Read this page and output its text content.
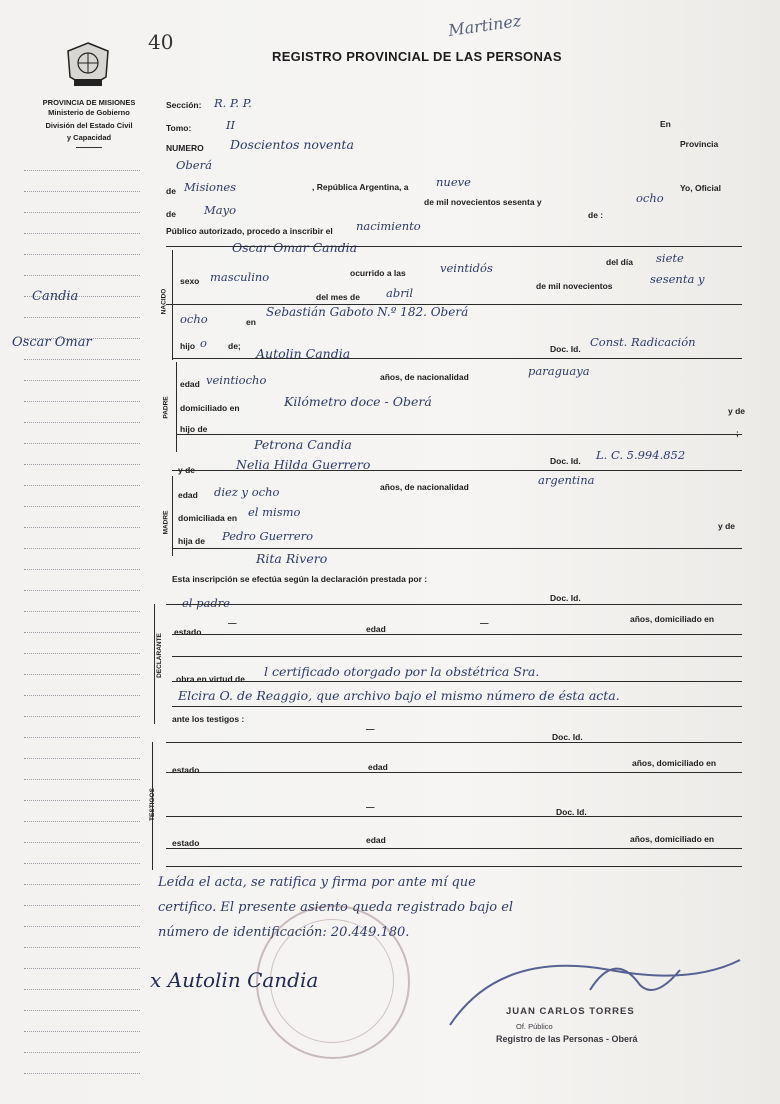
40
Martinez
REGISTRO PROVINCIAL DE LAS PERSONAS
PROVINCIA DE MISIONES
Ministerio de Gobierno
División del Estado Civil
y Capacidad
Candia
Oscar Omar
Sección: R. P. P.
Tomo:	II	En
NUMERO Doscientos noventa	Provincia
Oberá
de Misiones	, República Argentina, a nueve
de mil novecientos sesenta y	ocho
Yo, Oficial
de Mayo
Público autorizado, procedo a inscribir el nacimiento
de :
NACIDO
Oscar Omar Candia
sexo masculino	ocurrido a las	veintidós	del día siete
del mes de abril	de mil novecientos	sesenta y
ocho	en
Sebastián Gaboto N.º 182. Oberá
hijo o de;
PADRE
Autolin Candia	Doc. Id. Const. Radicación
edad veintiocho	años, de nacionalidad	paraguaya
domiciliado en	Kilómetro doce - Oberá
y de
hijo de	;
Petrona Candia
MADRE
y de	Nelia Hilda Guerrero	Doc. Id. L. C. 5.994.852
edad diez y ocho	años, de nacionalidad	argentina
domiciliada en el mismo
hija de Pedro Guerrero
y de
Rita Rivero
Esta inscripción se efectúa según la declaración prestada por :
el padre	Doc. Id.
DECLARANTE
estado
—
edad
—	años, domiciliado en
obra en virtud de l certificado otorgado por la obstétrica Sra.
Elcira O. de Reaggio, que archivo bajo el mismo número de ésta acta.
ante los testigos :
TESTIGOS
—
Doc. Id.
estado	edad	años, domiciliado en
—	Doc. Id.
estado	edad	años, domiciliado en
Leída el acta, se ratifica y firma por ante mí que
certifico. El presente asiento queda registrado bajo el
número de identificación: 20.449.180.
x Autolin Candia
JUAN CARLOS TORRES
Of. Público
Registro de las Personas - Oberá
